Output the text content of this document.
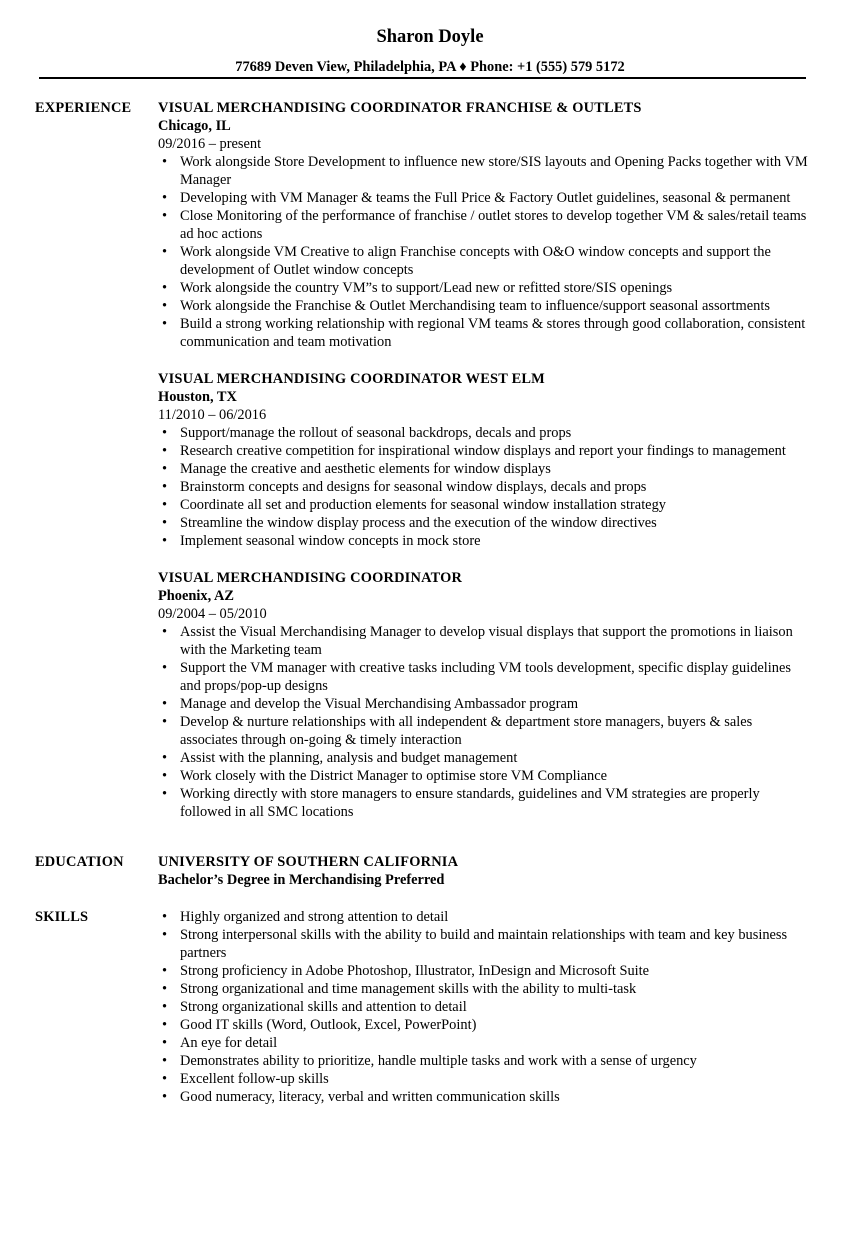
Sharon Doyle
77689 Deven View, Philadelphia, PA ♦ Phone: +1 (555) 579 5172
EXPERIENCE VISUAL MERCHANDISING COORDINATOR FRANCHISE & OUTLETS
Chicago, IL
09/2016 – present
• Work alongside Store Development to influence new store/SIS layouts and Opening Packs together with VM Manager
• Developing with VM Manager & teams the Full Price & Factory Outlet guidelines, seasonal & permanent
• Close Monitoring of the performance of franchise / outlet stores to develop together VM & sales/retail teams ad hoc actions
• Work alongside VM Creative to align Franchise concepts with O&O window concepts and support the development of Outlet window concepts
• Work alongside the country VM”s to support/Lead new or refitted store/SIS openings
• Work alongside the Franchise & Outlet Merchandising team to influence/support seasonal assortments
• Build a strong working relationship with regional VM teams & stores through good collaboration, consistent communication and team motivation
VISUAL MERCHANDISING COORDINATOR WEST ELM
Houston, TX
11/2010 – 06/2016
• Support/manage the rollout of seasonal backdrops, decals and props
• Research creative competition for inspirational window displays and report your findings to management
• Manage the creative and aesthetic elements for window displays
• Brainstorm concepts and designs for seasonal window displays, decals and props
• Coordinate all set and production elements for seasonal window installation strategy
• Streamline the window display process and the execution of the window directives
• Implement seasonal window concepts in mock store
VISUAL MERCHANDISING COORDINATOR
Phoenix, AZ
09/2004 – 05/2010
• Assist the Visual Merchandising Manager to develop visual displays that support the promotions in liaison with the Marketing team
• Support the VM manager with creative tasks including VM tools development, specific display guidelines and props/pop-up designs
• Manage and develop the Visual Merchandising Ambassador program
• Develop & nurture relationships with all independent & department store managers, buyers & sales associates through on-going & timely interaction
• Assist with the planning, analysis and budget management
• Work closely with the District Manager to optimise store VM Compliance
• Working directly with store managers to ensure standards, guidelines and VM strategies are properly followed in all SMC locations
EDUCATION UNIVERSITY OF SOUTHERN CALIFORNIA
Bachelor’s Degree in Merchandising Preferred
SKILLS	• Highly organized and strong attention to detail
• Strong interpersonal skills with the ability to build and maintain relationships with team and key business partners
• Strong proficiency in Adobe Photoshop, Illustrator, InDesign and Microsoft Suite
• Strong organizational and time management skills with the ability to multi-task
• Strong organizational skills and attention to detail
• Good IT skills (Word, Outlook, Excel, PowerPoint)
• An eye for detail
• Demonstrates ability to prioritize, handle multiple tasks and work with a sense of urgency
• Excellent follow-up skills
• Good numeracy, literacy, verbal and written communication skills
